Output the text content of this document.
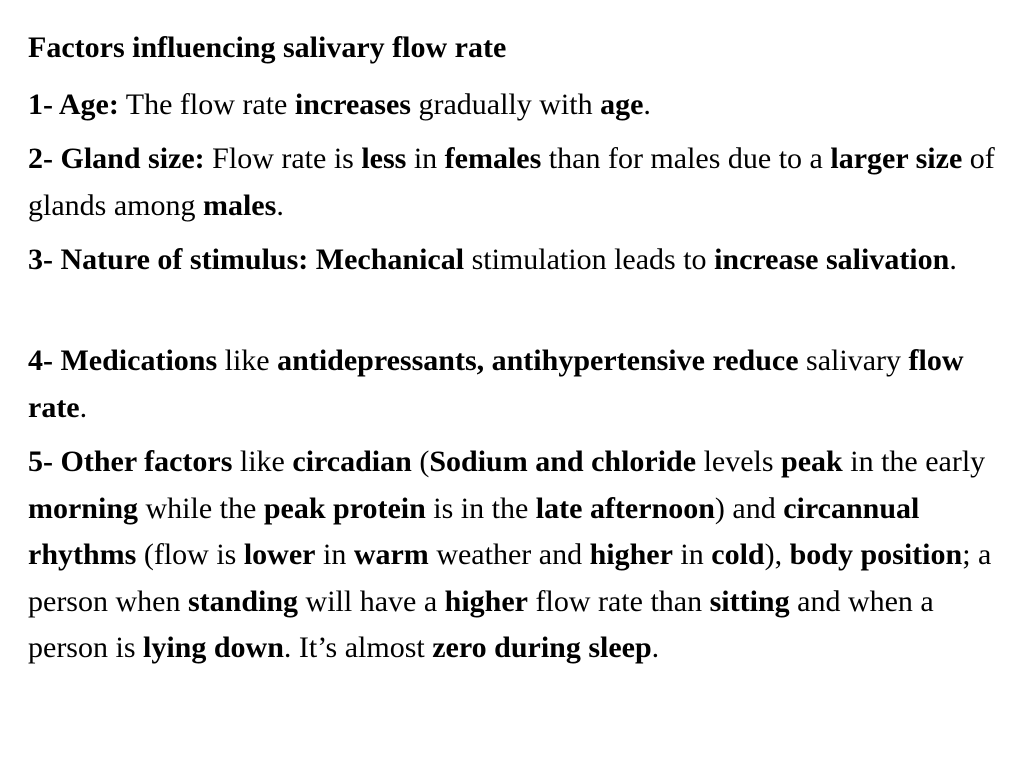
Factors influencing salivary flow rate

1- Age: The flow rate increases gradually with age.

2- Gland size: Flow rate is less in females than for males due to a larger size of glands among males.

3- Nature of stimulus: Mechanical stimulation leads to increase salivation.

4- Medications like antidepressants, antihypertensive reduce salivary flow rate.

5- Other factors like circadian (Sodium and chloride levels peak in the early morning while the peak protein is in the late afternoon) and circannual rhythms (flow is lower in warm weather and higher in cold), body position; a person when standing will have a higher flow rate than sitting and when a person is lying down. It’s almost zero during sleep.
